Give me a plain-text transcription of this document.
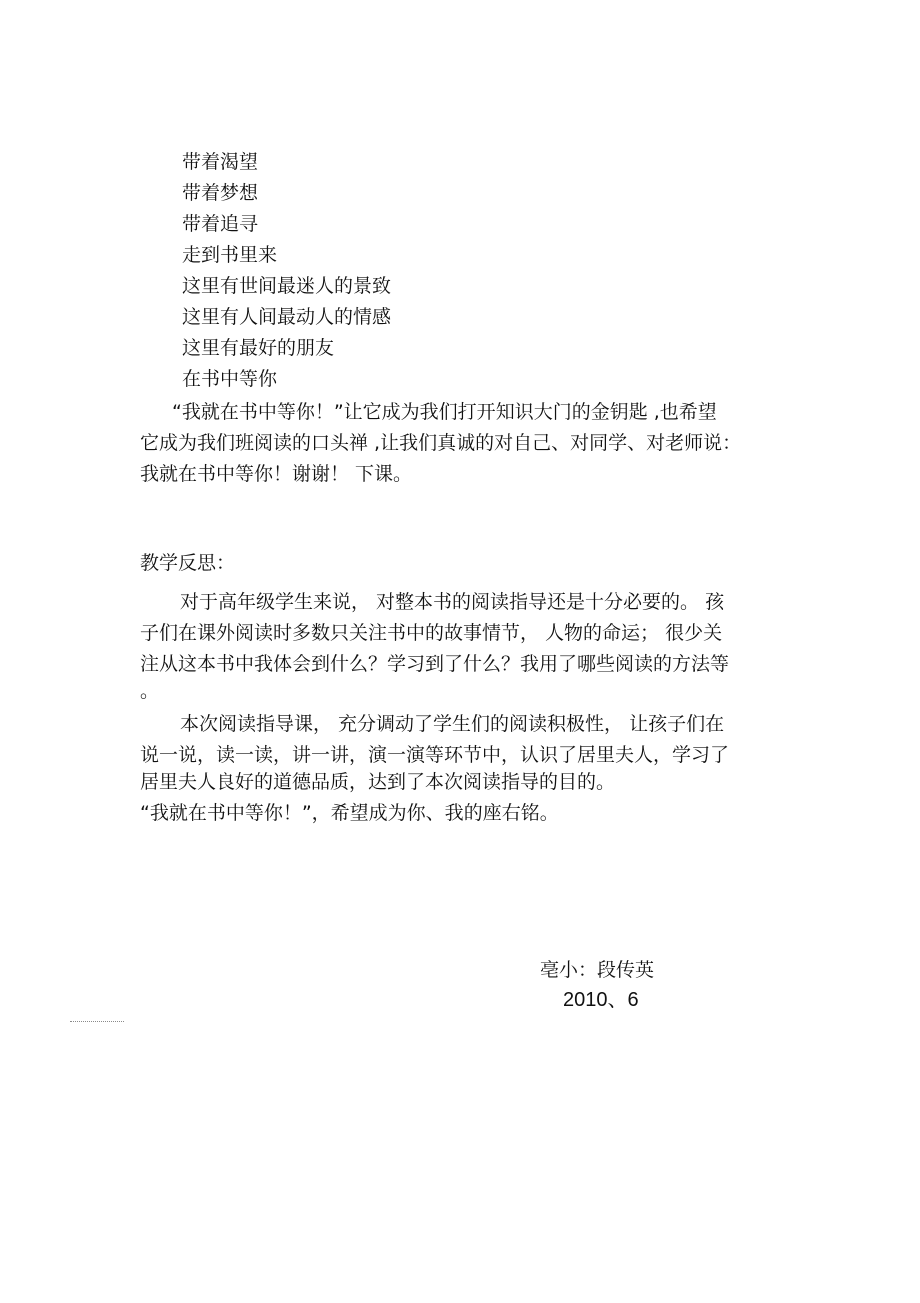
带着渴望
带着梦想
带着追寻
走到书里来
这里有世间最迷人的景致
这里有人间最动人的情感
这里有最好的朋友
在书中等你
“我就在书中等你！”让它成为我们打开知识大门的金钥匙 ,也希望
它成为我们班阅读的口头禅 ,让我们真诚的对自己、对同学、对老师说：
我就在书中等你！谢谢！ 下课。
教学反思：
对于高年级学生来说， 对整本书的阅读指导还是十分必要的。 孩
子们在课外阅读时多数只关注书中的故事情节， 人物的命运； 很少关
注从这本书中我体会到什么？学习到了什么？我用了哪些阅读的方法等
。
本次阅读指导课， 充分调动了学生们的阅读积极性， 让孩子们在
说一说，读一读，讲一讲，演一演等环节中，认识了居里夫人，学习了
居里夫人良好的道德品质，达到了本次阅读指导的目的。
“我就在书中等你！”，希望成为你、我的座右铭。
亳小：段传英
2010、6
